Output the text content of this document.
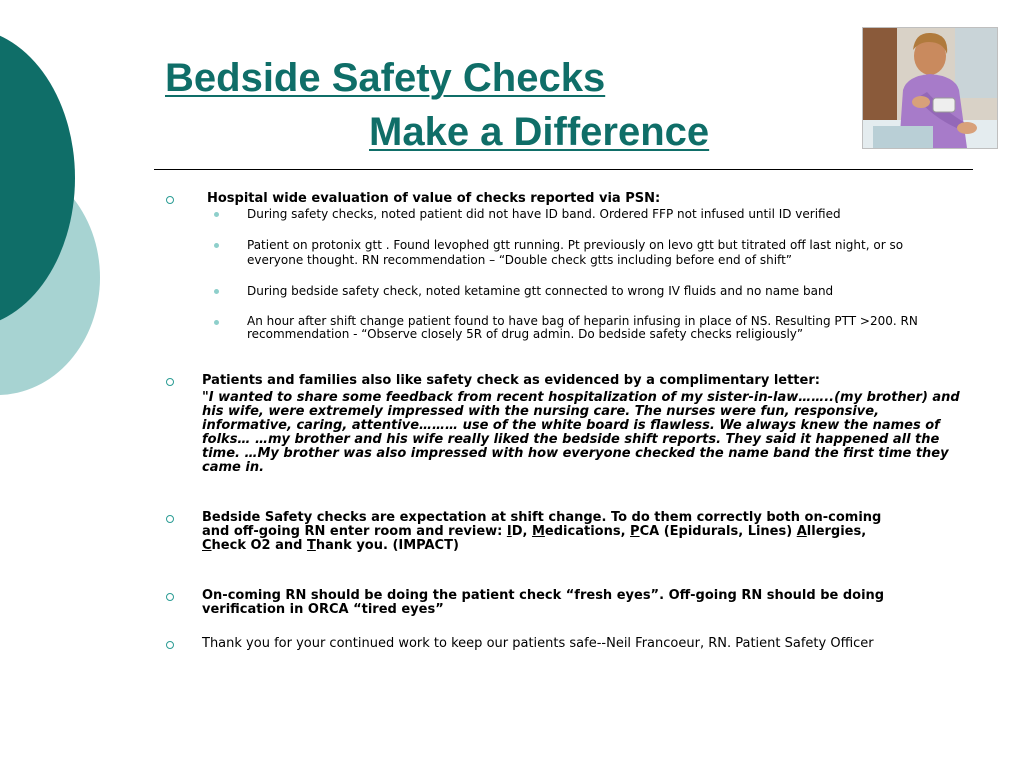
Bedside Safety Checks
Make a Difference

Hospital wide evaluation of value of checks reported via PSN:

During safety checks, noted patient did not have ID band. Ordered FFP not infused until ID verified

Patient on protonix gtt . Found levophed gtt running. Pt previously on levo gtt but titrated off last night, or so everyone thought. RN recommendation – “Double check gtts including before end of shift”

During bedside safety check, noted ketamine gtt connected to wrong IV fluids and no name band

An hour after shift change patient found to have bag of heparin infusing in place of NS. Resulting PTT >200. RN recommendation - “Observe closely 5R of drug admin. Do bedside safety checks religiously”

Patients and families also like safety check as evidenced by a complimentary letter:

"I wanted to share some feedback from recent hospitalization of my sister-in-law……..(my brother) and his wife, were extremely impressed with the nursing care. The nurses were fun, responsive, informative, caring, attentive……… use of the white board is flawless. We always knew the names of folks… …my brother and his wife really liked the bedside shift reports. They said it happened all the time. …My brother was also impressed with how everyone checked the name band the first time they came in.

Bedside Safety checks are expectation at shift change. To do them correctly both on-coming

and off-going RN enter room and review: ID, Medications, PCA (Epidurals, Lines) Allergies,

Check O2 and Thank you. (IMPACT)

On-coming RN should be doing the patient check “fresh eyes”. Off-going RN should be doing verification in ORCA “tired eyes”

Thank you for your continued work to keep our patients safe--Neil Francoeur, RN. Patient Safety Officer
